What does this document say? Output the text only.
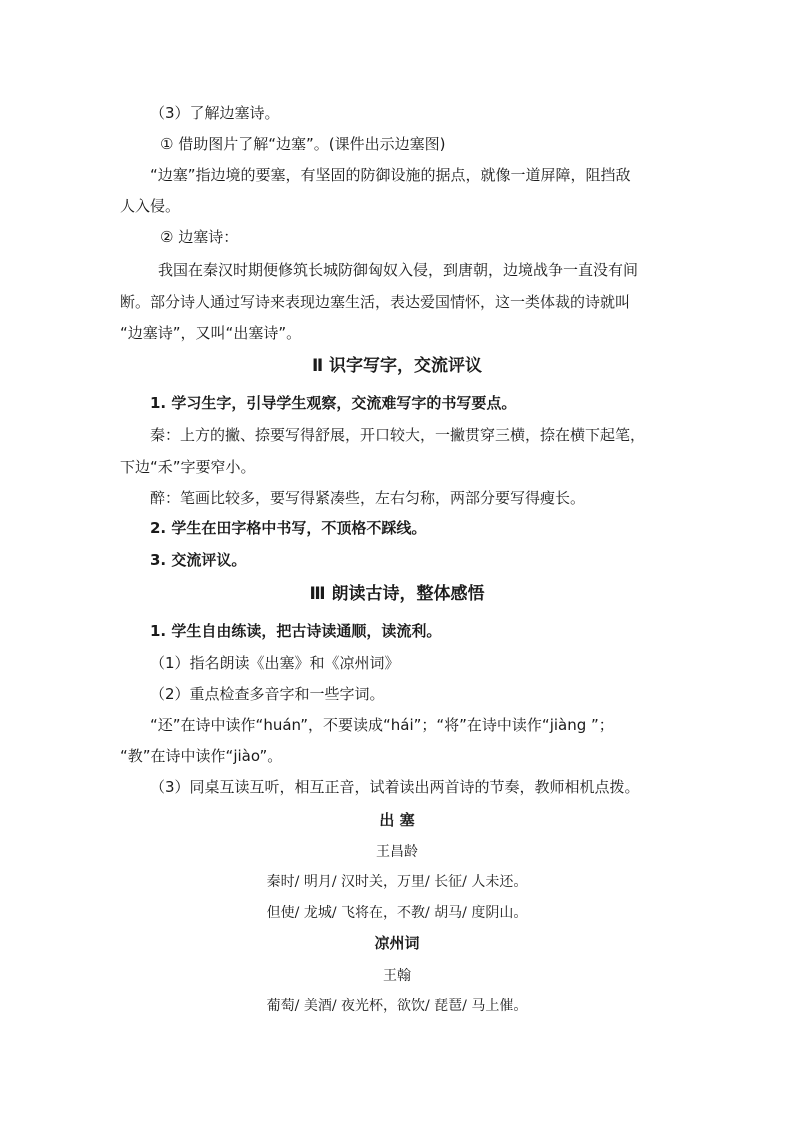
（3）了解边塞诗。
① 借助图片了解“边塞”。(课件出示边塞图)
“边塞”指边境的要塞，有坚固的防御设施的据点，就像一道屏障，阻挡敌
人入侵。
② 边塞诗：
我国在秦汉时期便修筑长城防御匈奴入侵，到唐朝，边境战争一直没有间
断。部分诗人通过写诗来表现边塞生活，表达爱国情怀，这一类体裁的诗就叫
“边塞诗”，又叫“出塞诗”。
Ⅱ 识字写字，交流评议
1. 学习生字，引导学生观察，交流难写字的书写要点。
秦：上方的撇、捺要写得舒展，开口较大，一撇贯穿三横，捺在横下起笔，
下边“禾”字要窄小。
醉：笔画比较多，要写得紧凑些，左右匀称，两部分要写得瘦长。
2. 学生在田字格中书写，不顶格不踩线。
3. 交流评议。
Ⅲ 朗读古诗，整体感悟
1. 学生自由练读，把古诗读通顺，读流利。
（1）指名朗读《出塞》和《凉州词》
（2）重点检查多音字和一些字词。
“还”在诗中读作“huán”，不要读成“hái”；“将”在诗中读作“jiàng ”；
“教”在诗中读作“jiào”。
（3）同桌互读互听，相互正音，试着读出两首诗的节奏，教师相机点拨。
出 塞
王昌龄
秦时/ 明月/ 汉时关，万里/ 长征/ 人未还。
但使/ 龙城/ 飞将在，不教/ 胡马/ 度阴山。
凉州词
王翰
葡萄/ 美酒/ 夜光杯，欲饮/ 琵琶/ 马上催。
